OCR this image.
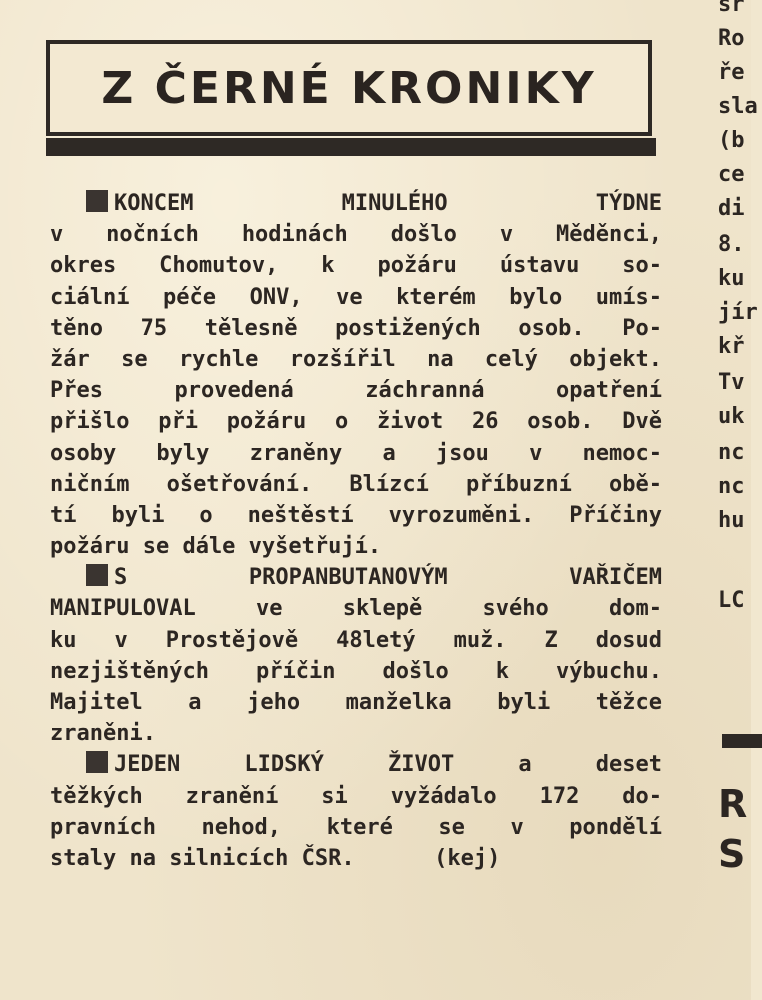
Z ČERNÉ KRONIKY
KONCEM MINULÉHO TÝDNE
v nočních hodinách došlo v Měděnci,
okres Chomutov, k požáru ústavu so-
ciální péče ONV, ve kterém bylo umís-
těno 75 tělesně postižených osob. Po-
žár se rychle rozšířil na celý objekt.
Přes provedená záchranná opatření
přišlo při požáru o život 26 osob. Dvě
osoby byly zraněny a jsou v nemoc-
ničním ošetřování. Blízcí příbuzní obě-
tí byli o neštěstí vyrozuměni. Příčiny
požáru se dále vyšetřují.
S PROPANBUTANOVÝM VAŘIČEM
MANIPULOVAL ve sklepě svého dom-
ku v Prostějově 48letý muž. Z dosud
nezjištěných příčin došlo k výbuchu.
Majitel a jeho manželka byli těžce
zraněni.
JEDEN LIDSKÝ ŽIVOT a deset
těžkých zranění si vyžádalo 172 do-
pravních nehod, které se v pondělí
staly na silnicích ČSR.      (kej)
sr
Ro
ře
sla
(b
ce
di
8.
ku
jír
kř
Tv
uk
nc
nc
hu
LC
R
S
